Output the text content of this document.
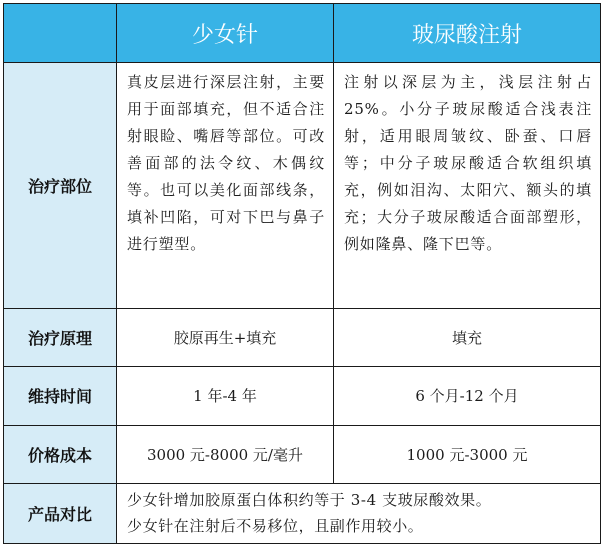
	少女针	玻尿酸注射
治疗部位	真皮层进行深层注射，主要用于面部填充，但不适合注射眼睑、嘴唇等部位。可改善面部的法令纹、木偶纹等。也可以美化面部线条，填补凹陷，可对下巴与鼻子进行塑型。	注射以深层为主，浅层注射占 25%。小分子玻尿酸适合浅表注射，适用眼周皱纹、卧蚕、口唇等；中分子玻尿酸适合软组织填充，例如泪沟、太阳穴、额头的填充；大分子玻尿酸适合面部塑形，例如隆鼻、隆下巴等。
治疗原理	胶原再生+填充	填充
维持时间	1 年-4 年	6 个月-12 个月
价格成本	3000 元-8000 元/毫升	1000 元-3000 元
产品对比	少女针增加胶原蛋白体积约等于 3-4 支玻尿酸效果。
少女针在注射后不易移位，且副作用较小。	
